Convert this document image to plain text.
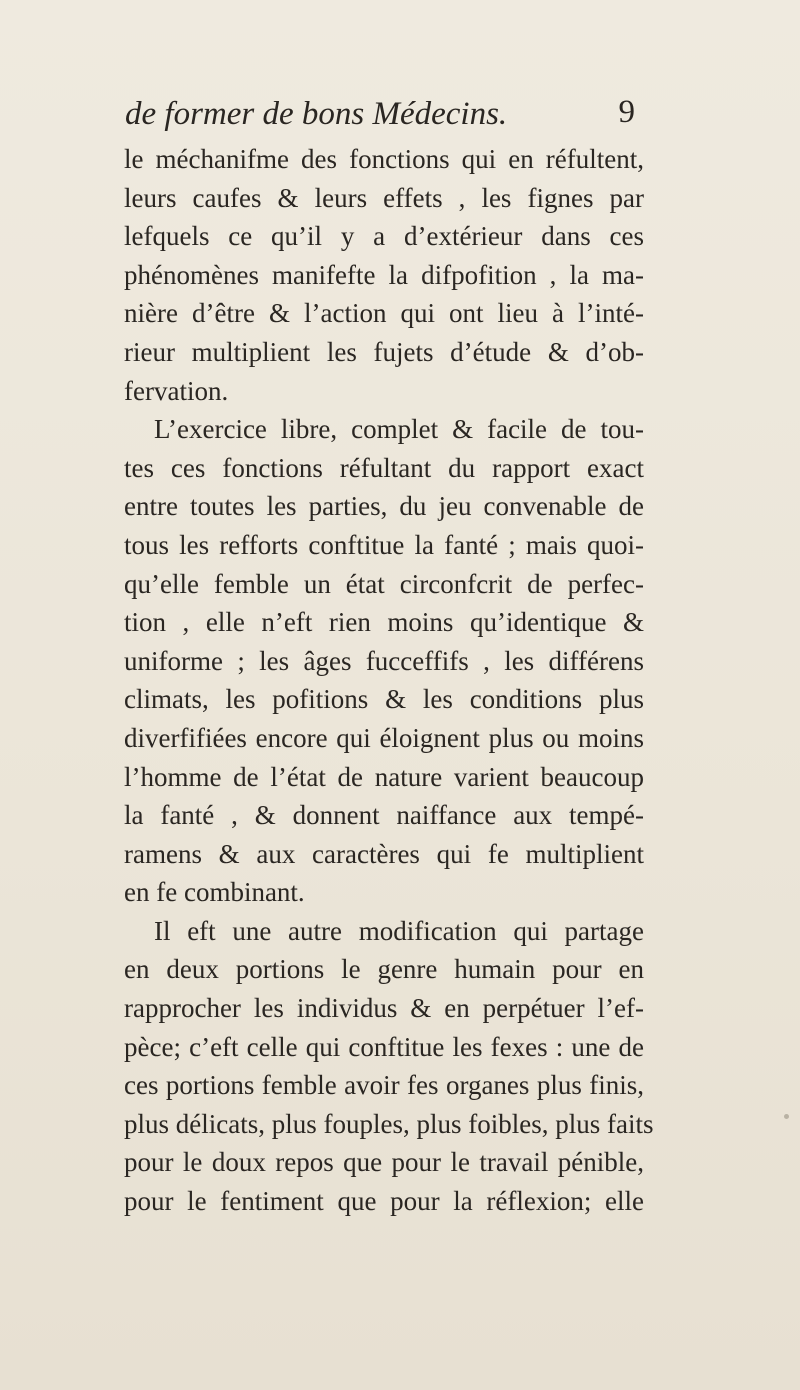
de former de bons Médecins.	9
le méchanifme des fonctions qui en réfultent,
leurs caufes & leurs effets , les fignes par
lefquels ce qu’il y a d’extérieur dans ces
phénomènes manifefte la difpofition , la ma-
nière d’être & l’action qui ont lieu à l’inté-
rieur multiplient les fujets d’étude & d’ob-
fervation.
L’exercice libre, complet & facile de tou-
tes ces fonctions réfultant du rapport exact
entre toutes les parties, du jeu convenable de
tous les refforts conftitue la fanté ; mais quoi-
qu’elle femble un état circonfcrit de perfec-
tion , elle n’eft rien moins qu’identique &
uniforme ; les âges fucceffifs , les différens
climats, les pofitions & les conditions plus
diverfifiées encore qui éloignent plus ou moins
l’homme de l’état de nature varient beaucoup
la fanté , & donnent naiffance aux tempé-
ramens & aux caractères qui fe multiplient
en fe combinant.
Il eft une autre modification qui partage
en deux portions le genre humain pour en
rapprocher les individus & en perpétuer l’ef-
pèce; c’eft celle qui conftitue les fexes : une de
ces portions femble avoir fes organes plus finis,
plus délicats, plus fouples, plus foibles, plus faits
pour le doux repos que pour le travail pénible,
pour le fentiment que pour la réflexion; elle
